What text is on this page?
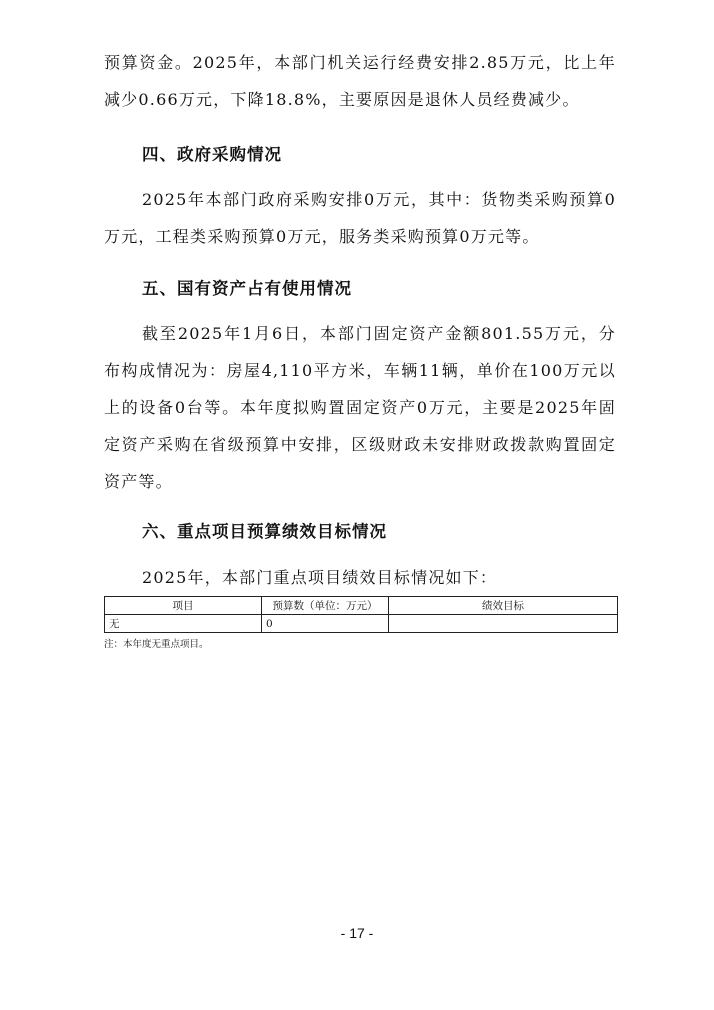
预算资金。2025年，本部门机关运行经费安排2.85万元，比上年减少0.66万元，下降18.8%，主要原因是退休人员经费减少。

四、政府采购情况

2025年本部门政府采购安排0万元，其中：货物类采购预算0万元，工程类采购预算0万元，服务类采购预算0万元等。

五、国有资产占有使用情况

截至2025年1月6日，本部门固定资产金额801.55万元，分布构成情况为：房屋4,110平方米，车辆11辆，单价在100万元以上的设备0台等。本年度拟购置固定资产0万元，主要是2025年固定资产采购在省级预算中安排，区级财政未安排财政拨款购置固定资产等。

六、重点项目预算绩效目标情况

2025年，本部门重点项目绩效目标情况如下：

项目	预算数（单位：万元）	绩效目标
无	0	

注：本年度无重点项目。

- 17 -
